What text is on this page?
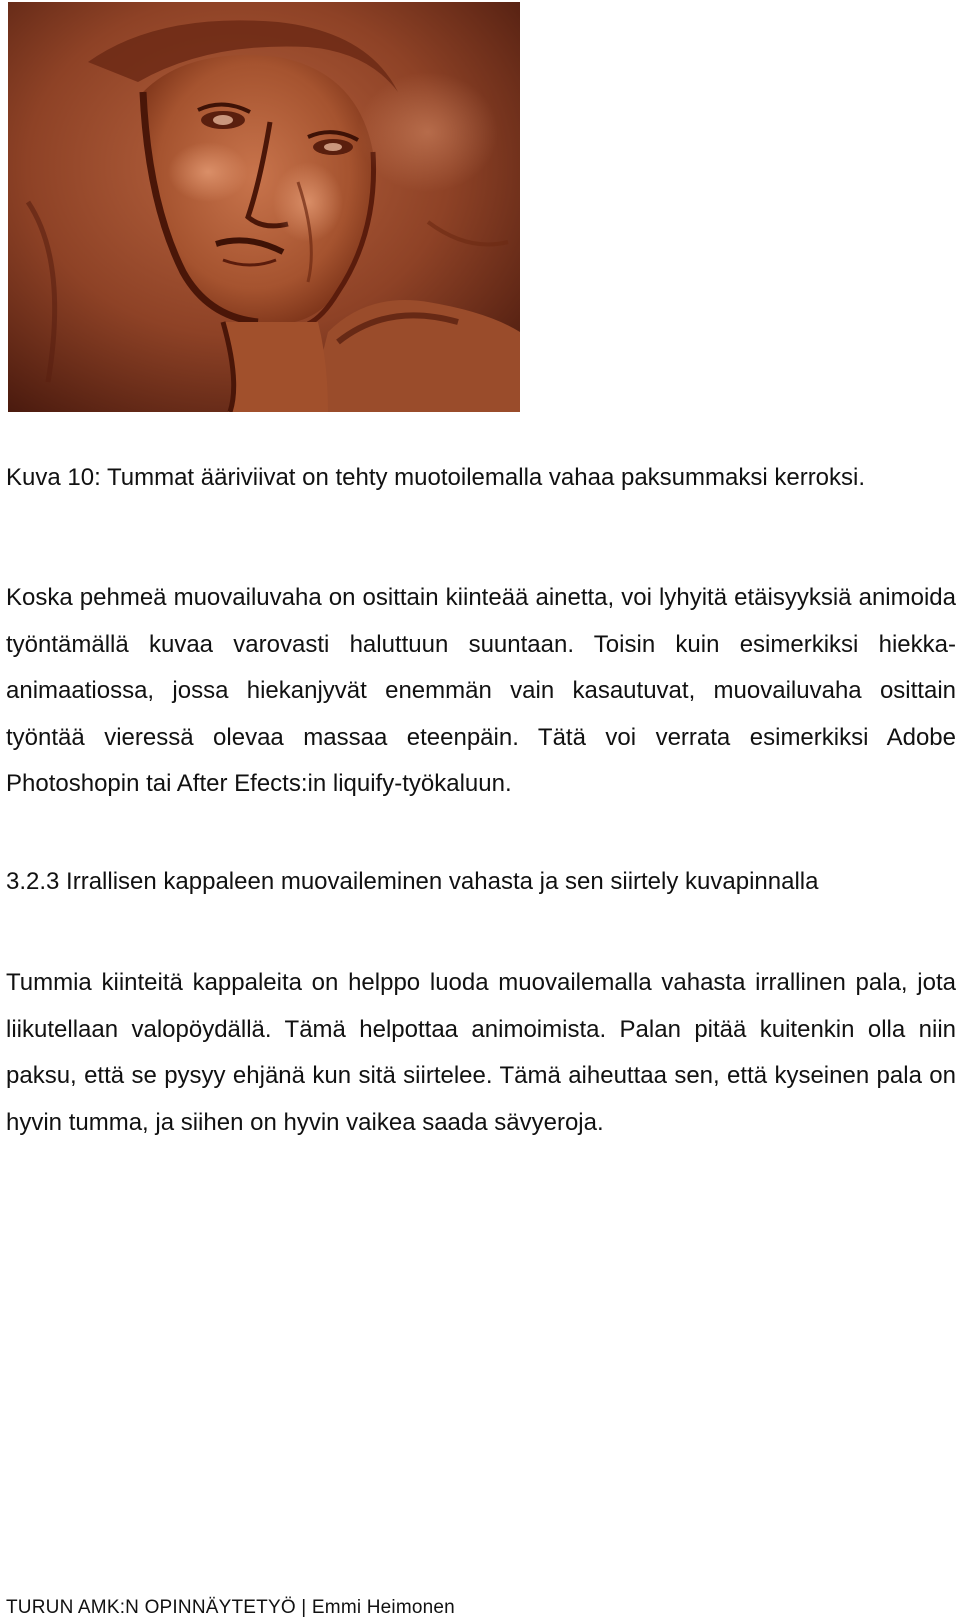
Kuva 10: Tummat ääriviivat on tehty muotoilemalla vahaa paksummaksi kerroksi.

Koska pehmeä muovailuvaha on osittain kiinteää ainetta, voi lyhyitä etäisyyksiä animoida työntämällä kuvaa varovasti haluttuun suuntaan. Toisin kuin esimerkiksi hiekka-animaatiossa, jossa hiekanjyvät enemmän vain kasautuvat, muovailuvaha osittain työntää vieressä olevaa massaa eteenpäin. Tätä voi verrata esimerkiksi Adobe Photoshopin tai After Efects:in liquify-työkaluun.

3.2.3 Irrallisen kappaleen muovaileminen vahasta ja sen siirtely kuvapinnalla

Tummia kiinteitä kappaleita on helppo luoda muovailemalla vahasta irrallinen pala, jota liikutellaan valopöydällä. Tämä helpottaa animoimista. Palan pitää kuitenkin olla niin paksu, että se pysyy ehjänä kun sitä siirtelee. Tämä aiheuttaa sen, että kyseinen pala on hyvin tumma, ja siihen on hyvin vaikea saada sävyeroja.

TURUN AMK:N OPINNÄYTETYÖ | Emmi Heimonen
